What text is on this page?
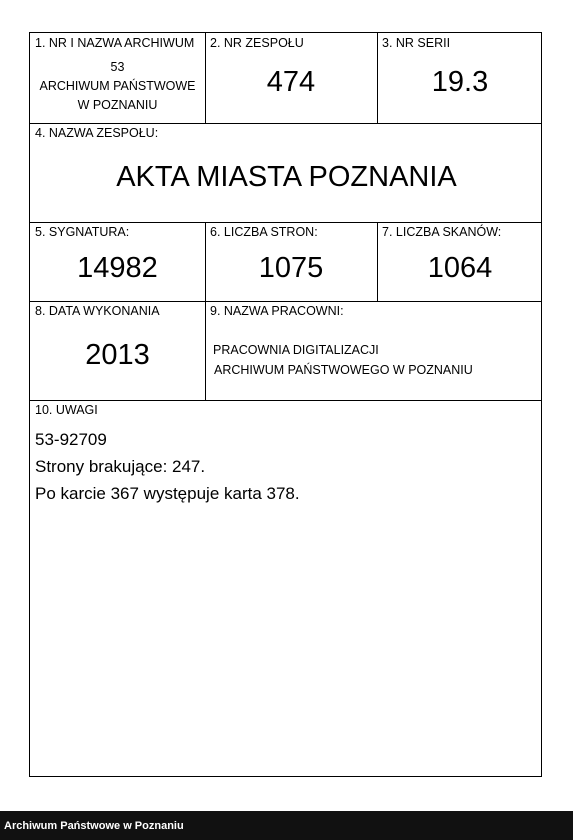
1. NR I NAZWA ARCHIWUM
53
ARCHIWUM PAŃSTWOWE
W POZNANIU
2. NR ZESPOŁU
474
3. NR SERII
19.3
4. NAZWA ZESPOŁU:
AKTA MIASTA POZNANIA
5. SYGNATURA:
14982
6. LICZBA STRON:
1075
7. LICZBA SKANÓW:
1064
8. DATA WYKONANIA
2013
9. NAZWA PRACOWNI:
PRACOWNIA DIGITALIZACJI
ARCHIWUM PAŃSTWOWEGO W POZNANIU
10. UWAGI
53-92709
Strony brakujące: 247.
Po karcie 367 występuje karta 378.
Archiwum Państwowe w Poznaniu
